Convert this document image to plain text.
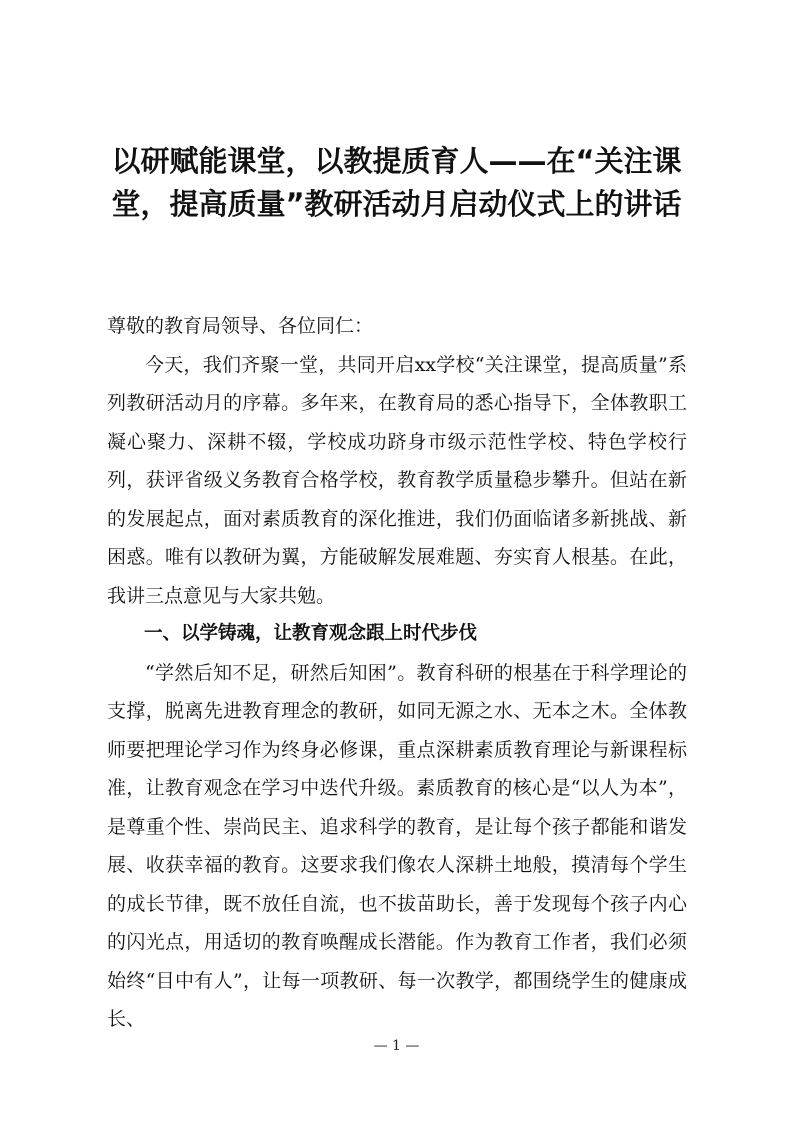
以研赋能课堂，以教提质育人——在“关注课堂，提高质量”教研活动月启动仪式上的讲话

尊敬的教育局领导、各位同仁：

今天，我们齐聚一堂，共同开启xx学校“关注课堂，提高质量”系列教研活动月的序幕。多年来，在教育局的悉心指导下，全体教职工凝心聚力、深耕不辍，学校成功跻身市级示范性学校、特色学校行列，获评省级义务教育合格学校，教育教学质量稳步攀升。但站在新的发展起点，面对素质教育的深化推进，我们仍面临诸多新挑战、新困惑。唯有以教研为翼，方能破解发展难题、夯实育人根基。在此，我讲三点意见与大家共勉。

一、以学铸魂，让教育观念跟上时代步伐

“学然后知不足，研然后知困”。教育科研的根基在于科学理论的支撑，脱离先进教育理念的教研，如同无源之水、无本之木。全体教师要把理论学习作为终身必修课，重点深耕素质教育理论与新课程标准，让教育观念在学习中迭代升级。素质教育的核心是“以人为本”，是尊重个性、崇尚民主、追求科学的教育，是让每个孩子都能和谐发展、收获幸福的教育。这要求我们像农人深耕土地般，摸清每个学生的成长节律，既不放任自流，也不拔苗助长，善于发现每个孩子内心的闪光点，用适切的教育唤醒成长潜能。作为教育工作者，我们必须始终“目中有人”，让每一项教研、每一次教学，都围绕学生的健康成长、

— 1 —
